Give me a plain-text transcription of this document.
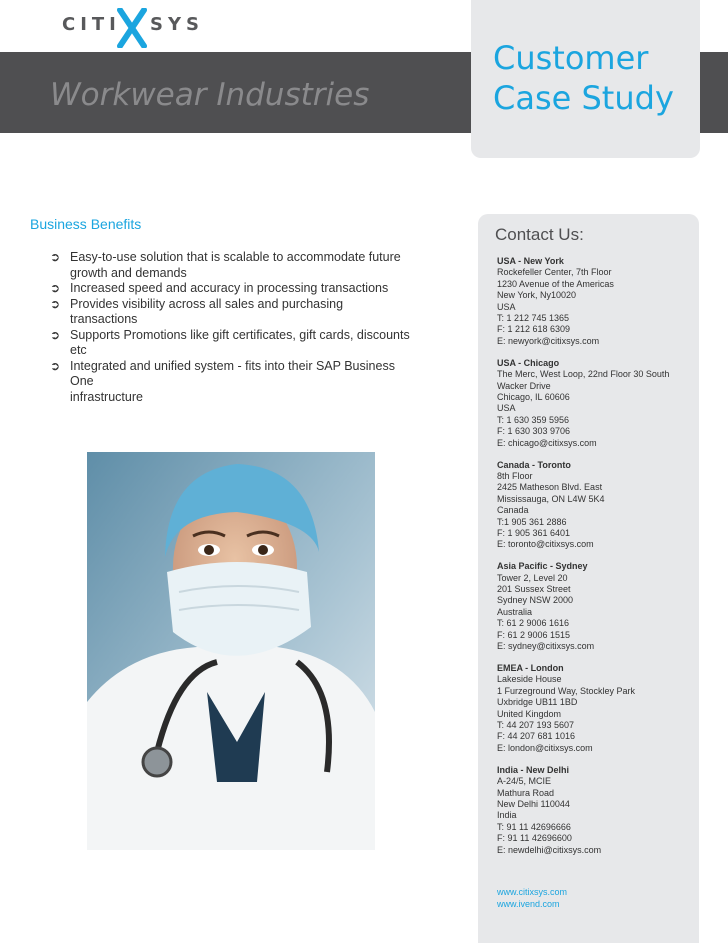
CITI SYS
Workwear Industries
Customer
Case Study
Business Benefits
➲ Easy-to-use solution that is scalable to accommodate future
growth and demands
➲ Increased speed and accuracy in processing transactions
➲ Provides visibility across all sales and purchasing transactions
➲ Supports Promotions like gift certificates, gift cards, discounts
etc
➲ Integrated and unified system - fits into their SAP Business One
infrastructure
Contact Us:
USA - New York
Rockefeller Center, 7th Floor
1230 Avenue of the Americas
New York, Ny10020
USA
T: 1 212 745 1365
F: 1 212 618 6309
E: newyork@citixsys.com
USA - Chicago
The Merc, West Loop, 22nd Floor 30 South
Wacker Drive
Chicago, IL 60606
USA
T: 1 630 359 5956
F: 1 630 303 9706
E: chicago@citixsys.com
Canada - Toronto
8th Floor
2425 Matheson Blvd. East
Mississauga, ON L4W 5K4
Canada
T:1 905 361 2886
F: 1 905 361 6401
E: toronto@citixsys.com
Asia Pacific - Sydney
Tower 2, Level 20
201 Sussex Street
Sydney NSW 2000
Australia
T: 61 2 9006 1616
F: 61 2 9006 1515
E: sydney@citixsys.com
EMEA - London
Lakeside House
1 Furzeground Way, Stockley Park
Uxbridge UB11 1BD
United Kingdom
T: 44 207 193 5607
F: 44 207 681 1016
E: london@citixsys.com
India - New Delhi
A-24/5, MCIE
Mathura Road
New Delhi 110044
India
T: 91 11 42696666
F: 91 11 42696600
E: newdelhi@citixsys.com
www.citixsys.com
www.ivend.com
